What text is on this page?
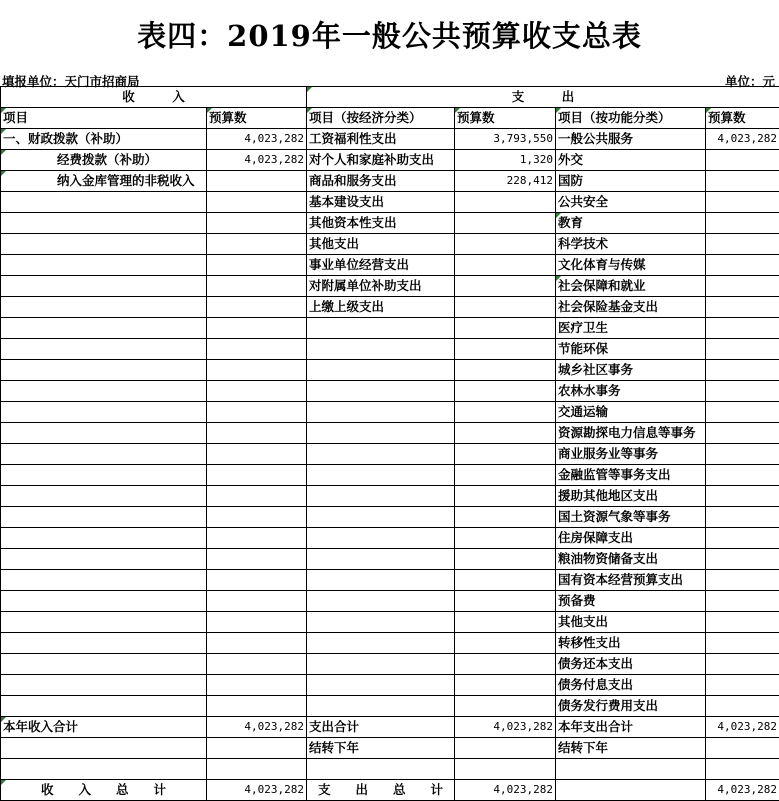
表四：2019年一般公共预算收支总表
填报单位：天门市招商局	单位：元
收　　　入		支　　　出			
项目	预算数	项目（按经济分类）	预算数	项目（按功能分类）	预算数
一、财政拨款（补助）	4,023,282	工资福利性支出	3,793,550	一般公共服务	4,023,282
经费拨款（补助）	4,023,282	对个人和家庭补助支出	1,320	外交	
纳入金库管理的非税收入		商品和服务支出	228,412	国防	
		基本建设支出		公共安全	
		其他资本性支出		教育	
		其他支出		科学技术	
		事业单位经营支出		文化体育与传媒	
		对附属单位补助支出		社会保障和就业	
		上缴上级支出		社会保险基金支出	
				医疗卫生	
				节能环保	
				城乡社区事务	
				农林水事务	
				交通运输	
				资源勘探电力信息等事务	
				商业服务业等事务	
				金融监管等事务支出	
				援助其他地区支出	
				国土资源气象等事务	
				住房保障支出	
				粮油物资储备支出	
				国有资本经营预算支出	
				预备费	
				其他支出	
				转移性支出	
				债务还本支出	
				债务付息支出	
				债务发行费用支出	
本年收入合计	4,023,282	支出合计	4,023,282	本年支出合计	4,023,282
		结转下年		结转下年	

收　　入　　总　　计	4,023,282	支　　出　　总　　计	4,023,282		4,023,282
